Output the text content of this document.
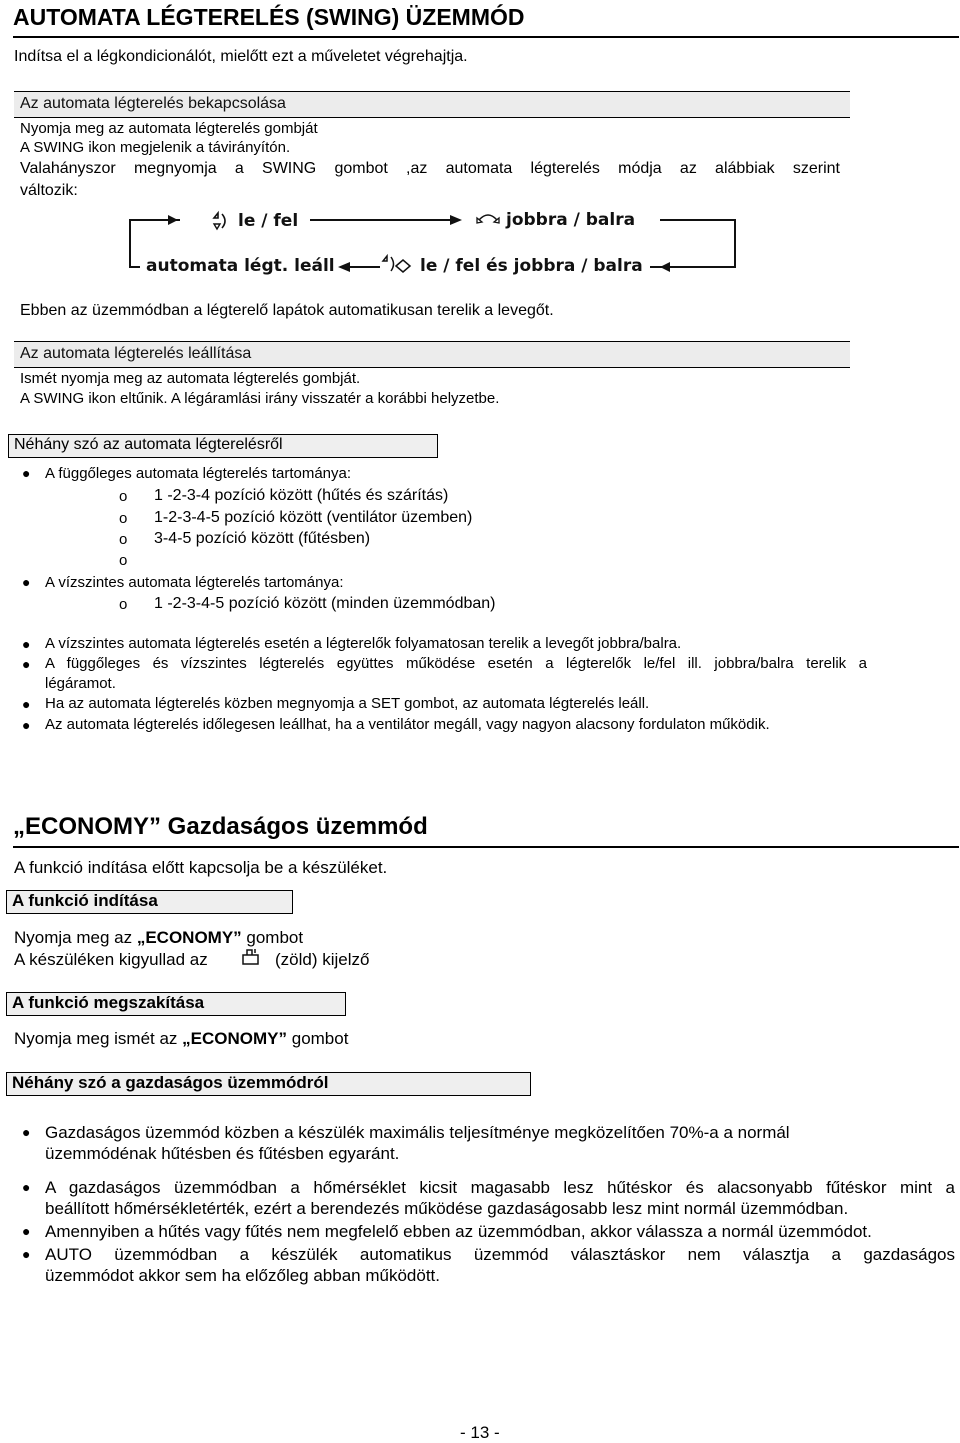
AUTOMATA LÉGTERELÉS (SWING) ÜZEMMÓD
Indítsa el a légkondicionálót, mielőtt ezt a műveletet végrehajtja.
Az automata légterelés bekapcsolása
Nyomja meg az automata légterelés gombját
A SWING ikon megjelenik a távirányítón.
Valahányszor megnyomja a SWING gombot ,az automata légterelés módja az alábbiak szerint
változik:
le / fel	jobbra / balra
automata légt. leáll	le / fel és jobbra / balra
Ebben az üzemmódban a légterelő lapátok automatikusan terelik a levegőt.
Az automata légterelés leállítása
Ismét nyomja meg az automata légterelés gombját.
A SWING ikon eltűnik. A légáramlási irány visszatér a korábbi helyzetbe.
Néhány szó az automata légterelésről
● A függőleges automata légterelés tartománya:
o 1 -2-3-4 pozíció között (hűtés és szárítás)
o 1-2-3-4-5 pozíció között (ventilátor üzemben)
o 3-4-5 pozíció között (fűtésben)
o
● A vízszintes automata légterelés tartománya:
o 1 -2-3-4-5 pozíció között (minden üzemmódban)
● A vízszintes automata légterelés esetén a légterelők folyamatosan terelik a levegőt jobbra/balra.
● A függőleges és vízszintes légterelés együttes működése esetén a légterelők le/fel ill. jobbra/balra terelik a
légáramot.
● Ha az automata légterelés közben megnyomja a SET gombot, az automata légterelés leáll.
● Az automata légterelés időlegesen leállhat, ha a ventilátor megáll, vagy nagyon alacsony fordulaton működik.
„ECONOMY” Gazdaságos üzemmód
A funkció indítása előtt kapcsolja be a készüléket.
A funkció indítása
Nyomja meg az „ECONOMY” gombot
A készüléken kigyullad az	(zöld) kijelző
A funkció megszakítása
Nyomja meg ismét az „ECONOMY” gombot
Néhány szó a gazdaságos üzemmódról
● Gazdaságos üzemmód közben a készülék maximális teljesítménye megközelítően 70%-a a normál
üzemmódénak hűtésben és fűtésben egyaránt.
● A gazdaságos üzemmódban a hőmérséklet kicsit magasabb lesz hűtéskor és alacsonyabb fűtéskor mint a
beállított hőmérsékletérték, ezért a berendezés működése gazdaságosabb lesz mint normál üzemmódban.
● Amennyiben a hűtés vagy fűtés nem megfelelő ebben az üzemmódban, akkor válassza a normál üzemmódot.
● AUTO üzemmódban a készülék automatikus üzemmód választáskor nem választja a gazdaságos
üzemmódot akkor sem ha előzőleg abban működött.
- 13 -
